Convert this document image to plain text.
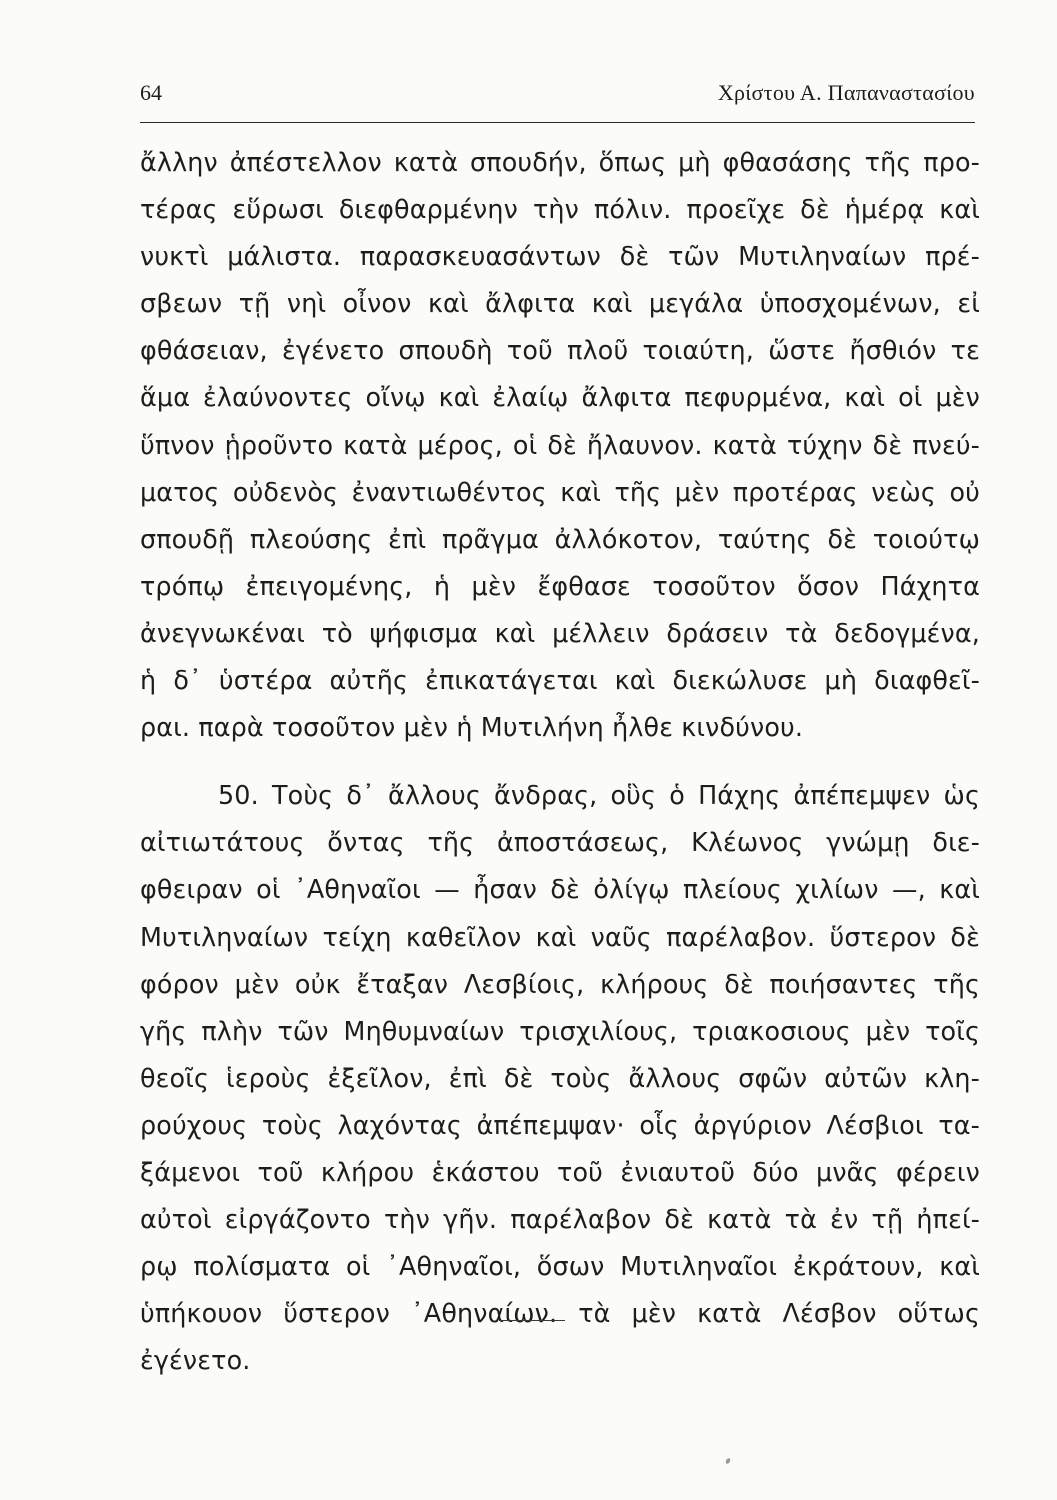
64	Χρίστου Α. Παπαναστασίου
ἄλλην ἀπέστελλον κατὰ σπουδήν, ὅπως μὴ φθασάσης τῆς προ-
τέρας εὕρωσι διεφθαρμένην τὴν πόλιν. προεῖχε δὲ ἡμέρᾳ καὶ
νυκτὶ μάλιστα. παρασκευασάντων δὲ τῶν Μυτιληναίων πρέ-
σβεων τῇ νηὶ οἶνον καὶ ἄλφιτα καὶ μεγάλα ὑποσχομένων, εἰ
φθάσειαν, ἐγένετο σπουδὴ τοῦ πλοῦ τοιαύτη, ὥστε ἤσθιόν τε
ἅμα ἐλαύνοντες οἴνῳ καὶ ἐλαίῳ ἄλφιτα πεφυρμένα, καὶ οἱ μὲν
ὕπνον ᾑροῦντο κατὰ μέρος, οἱ δὲ ἤλαυνον. κατὰ τύχην δὲ πνεύ-
ματος οὐδενὸς ἐναντιωθέντος καὶ τῆς μὲν προτέρας νεὼς οὐ
σπουδῇ πλεούσης ἐπὶ πρᾶγμα ἀλλόκοτον, ταύτης δὲ τοιούτῳ
τρόπῳ ἐπειγομένης, ἡ μὲν ἔφθασε τοσοῦτον ὅσον Πάχητα
ἀνεγνωκέναι τὸ ψήφισμα καὶ μέλλειν δράσειν τὰ δεδογμένα,
ἡ δ᾽ ὑστέρα αὐτῆς ἐπικατάγεται καὶ διεκώλυσε μὴ διαφθεῖ-
ραι. παρὰ τοσοῦτον μὲν ἡ Μυτιλήνη ἦλθε κινδύνου.
50. Τοὺς δ᾽ ἄλλους ἄνδρας, οὓς ὁ Πάχης ἀπέπεμψεν ὡς
αἰτιωτάτους ὄντας τῆς ἀποστάσεως, Κλέωνος γνώμῃ διε-
φθειραν οἱ ᾽Αθηναῖοι — ἦσαν δὲ ὀλίγῳ πλείους χιλίων —, καὶ
Μυτιληναίων τείχη καθεῖλον καὶ ναῦς παρέλαβον. ὕστερον δὲ
φόρον μὲν οὐκ ἔταξαν Λεσβίοις, κλήρους δὲ ποιήσαντες τῆς
γῆς πλὴν τῶν Μηθυμναίων τρισχιλίους, τριακοσιους μὲν τοῖς
θεοῖς ἱεροὺς ἐξεῖλον, ἐπὶ δὲ τοὺς ἄλλους σφῶν αὐτῶν κλη-
ρούχους τοὺς λαχόντας ἀπέπεμψαν· οἷς ἀργύριον Λέσβιοι τα-
ξάμενοι τοῦ κλήρου ἑκάστου τοῦ ἐνιαυτοῦ δύο μνᾶς φέρειν
αὐτοὶ εἰργάζοντο τὴν γῆν. παρέλαβον δὲ κατὰ τὰ ἐν τῇ ἠπεί-
ρῳ πολίσματα οἱ ᾽Αθηναῖοι, ὅσων Μυτιληναῖοι ἐκράτουν, καὶ
ὑπήκουον ὕστερον ᾽Αθηναίων. τὰ μὲν κατὰ Λέσβον οὕτως
ἐγένετο.
